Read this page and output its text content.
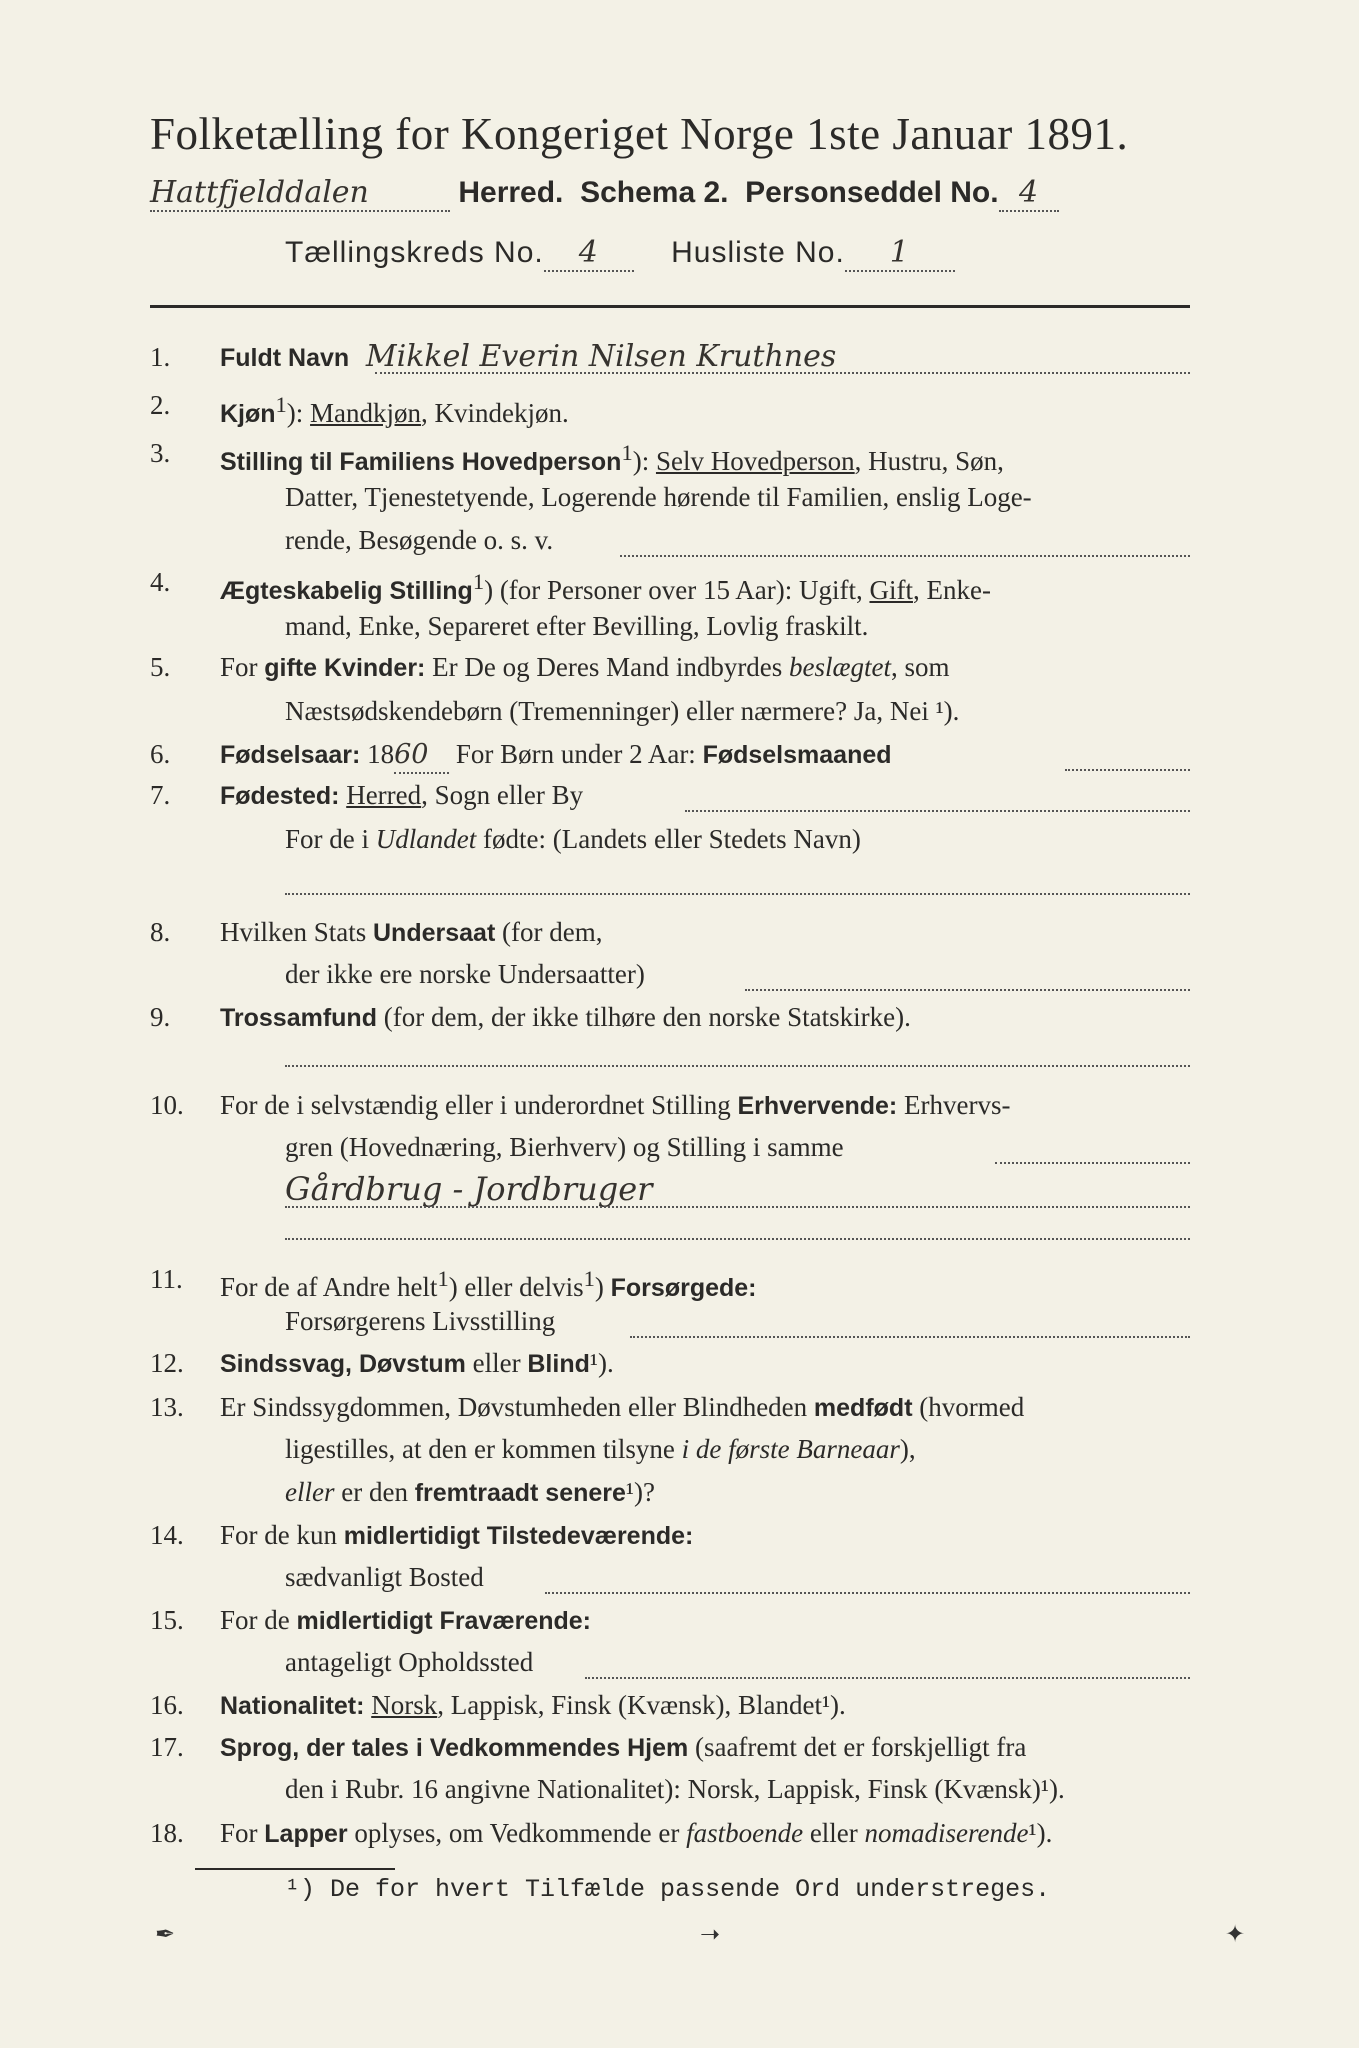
Folketælling for Kongeriget Norge 1ste Januar 1891.
Hattfjelddalen	Herred. Schema 2. Personseddel No. 4
Tællingskreds No. 4 Husliste No. 1
1.	Fuldt Navn Mikkel Everin Nilsen Kruthnes
2.	Kjøn$^1$): Mandkjøn, Kvindekjøn.
3.	Stilling til Familiens Hovedperson$^1$): Selv Hovedperson, Hustru, Søn,
Datter, Tjenestetyende, Logerende hørende til Familien, enslig Loge-
rende, Besøgende o. s. v.
4.	Ægteskabelig Stilling$^1$) (for Personer over 15 Aar): Ugift, Gift, Enke-
mand, Enke, Separeret efter Bevilling, Lovlig fraskilt.
5.	For gifte Kvinder: Er De og Deres Mand indbyrdes beslægtet, som
Næstsødskendebørn (Tremenninger) eller nærmere? Ja, Nei ¹).
6.	Fødselsaar: 1860 For Børn under 2 Aar: Fødselsmaaned
7.	Fødested: Herred, Sogn eller By
For de i Udlandet fødte: (Landets eller Stedets Navn)
8.	Hvilken Stats Undersaat (for dem,
der ikke ere norske Undersaatter)
9.	Trossamfund (for dem, der ikke tilhøre den norske Statskirke).
10.	For de i selvstændig eller i underordnet Stilling Erhvervende: Erhvervs-
gren (Hovednæring, Bierhverv) og Stilling i samme
Gårdbrug - Jordbruger
11.	For de af Andre helt$^1$) eller delvis$^1$) Forsørgede:
Forsørgerens Livsstilling
12.	Sindssvag, Døvstum eller Blind¹).
13.	Er Sindssygdommen, Døvstumheden eller Blindheden medfødt (hvormed
ligestilles, at den er kommen tilsyne i de første Barneaar),
eller er den fremtraadt senere¹)?
14.	For de kun midlertidigt Tilstedeværende:
sædvanligt Bosted
15.	For de midlertidigt Fraværende:
antageligt Opholdssted
16.	Nationalitet: Norsk, Lappisk, Finsk (Kvænsk), Blandet¹).
17.	Sprog, der tales i Vedkommendes Hjem (saafremt det er forskjelligt fra
den i Rubr. 16 angivne Nationalitet): Norsk, Lappisk, Finsk (Kvænsk)¹).
18.	For Lapper oplyses, om Vedkommende er fastboende eller nomadiserende¹).
¹) De for hvert Tilfælde passende Ord understreges.
✒	➝	✦
